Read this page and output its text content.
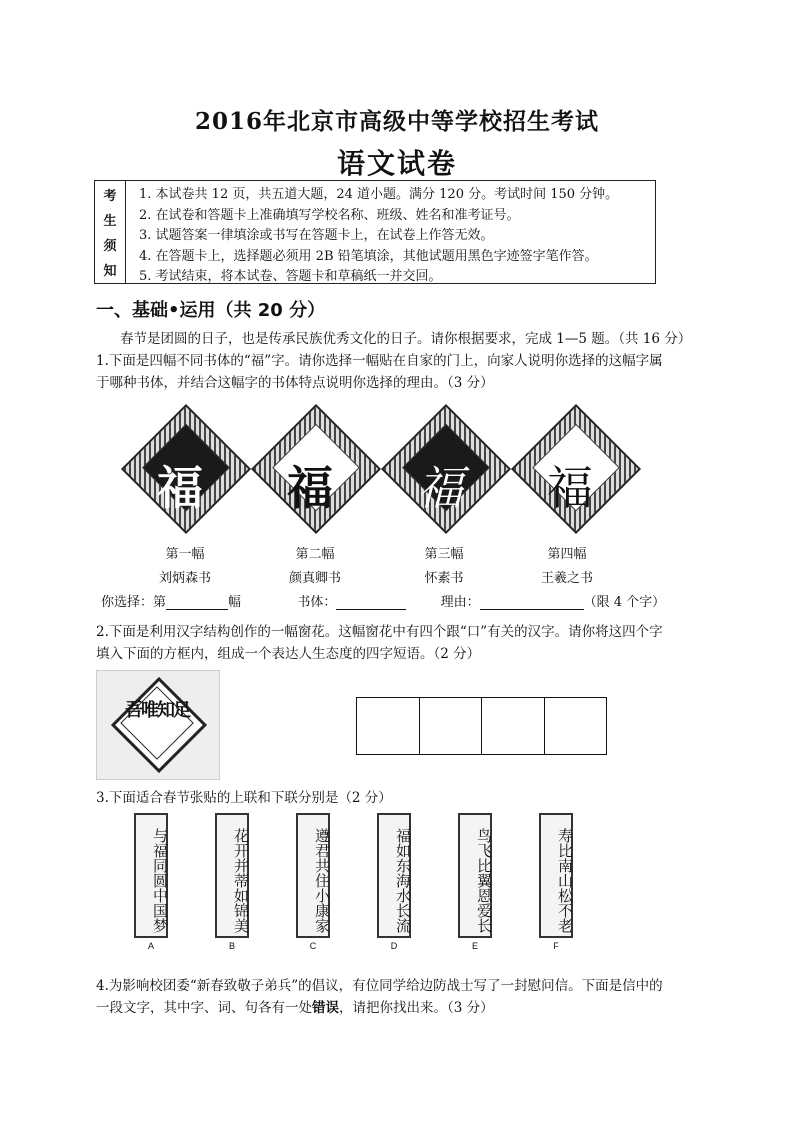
2016年北京市高级中等学校招生考试
语文试卷
考
生
须
知
1. 本试卷共 12 页，共五道大题，24 道小题。满分 120 分。考试时间 150 分钟。
2. 在试卷和答题卡上准确填写学校名称、班级、姓名和准考证号。
3. 试题答案一律填涂或书写在答题卡上，在试卷上作答无效。
4. 在答题卡上，选择题必须用 2B 铅笔填涂，其他试题用黑色字迹签字笔作答。
5. 考试结束，将本试卷、答题卡和草稿纸一并交回。
一、基础•运用（共 20 分）
春节是团圆的日子，也是传承民族优秀文化的日子。请你根据要求，完成 1—5 题。（共 16 分）
1.下面是四幅不同书体的“福”字。请你选择一幅贴在自家的门上，向家人说明你选择的这幅字属
于哪种书体，并结合这幅字的书体特点说明你选择的理由。（3 分）
福	福	福	福
第一幅
刘炳森书
第二幅
颜真卿书
第三幅
怀素书
第四幅
王羲之书
你选择：第	幅	书体：	理由：	（限 4 个字）
2.下面是利用汉字结构创作的一幅窗花。这幅窗花中有四个跟“口”有关的汉字。请你将这四个字
填入下面的方框内，组成一个表达人生态度的四字短语。（2 分）
吾唯知足
3.下面适合春节张贴的上联和下联分别是（2 分）
与福同圆中国梦
A
花开并蒂如锦美
B
遵君共住小康家
C
福如东海水长流
D
鸟飞比翼恩爱长
E
寿比南山松不老
F
4.为影响校团委“新春致敬子弟兵”的倡议，有位同学给边防战士写了一封慰问信。下面是信中的
一段文字，其中字、词、句各有一处错误，请把你找出来。（3 分）
